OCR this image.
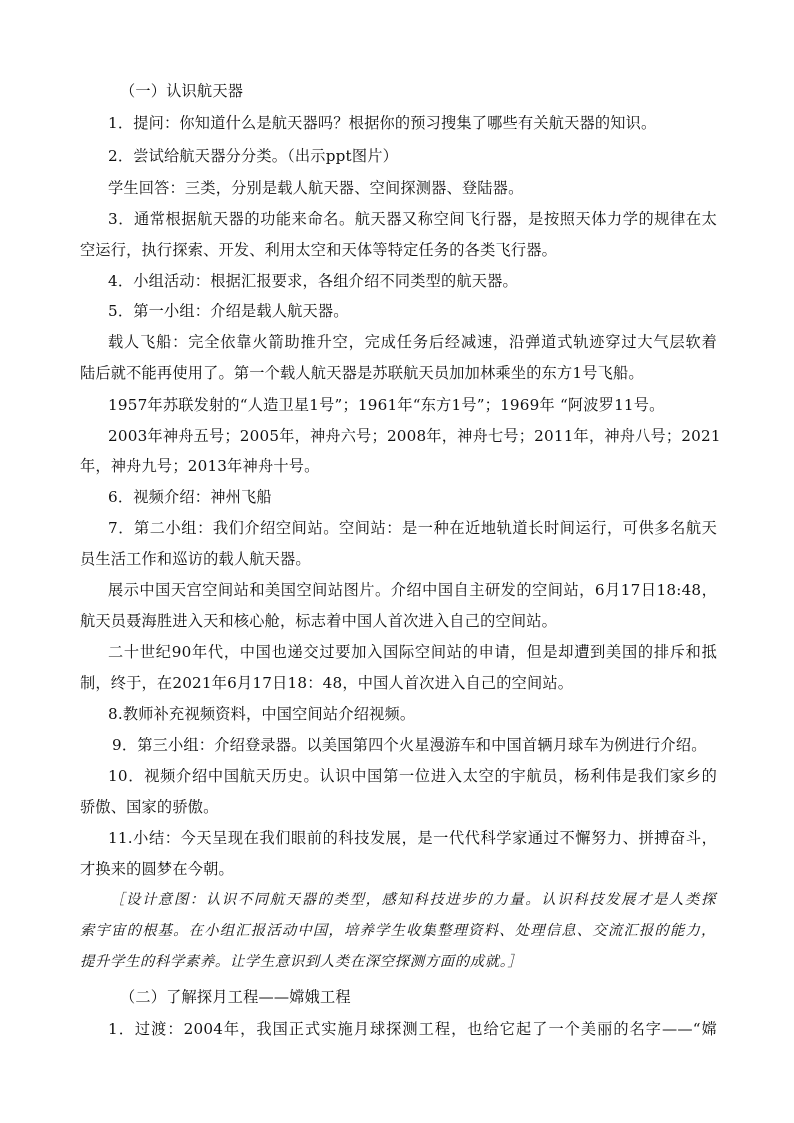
（一）认识航天器
1．提问：你知道什么是航天器吗？根据你的预习搜集了哪些有关航天器的知识。
2．尝试给航天器分分类。（出示ppt图片）
学生回答：三类，分别是载人航天器、空间探测器、登陆器。
3．通常根据航天器的功能来命名。航天器又称空间飞行器，是按照天体力学的规律在太
空运行，执行探索、开发、利用太空和天体等特定任务的各类飞行器。
4．小组活动：根据汇报要求，各组介绍不同类型的航天器。
5．第一小组：介绍是载人航天器。
载人飞船：完全依靠火箭助推升空，完成任务后经减速，沿弹道式轨迹穿过大气层软着
陆后就不能再使用了。第一个载人航天器是苏联航天员加加林乘坐的东方1号飞船。
1957年苏联发射的“人造卫星1号”；1961年“东方1号”；1969年 “阿波罗11号。
2003年神舟五号；2005年，神舟六号；2008年，神舟七号；2011年，神舟八号；2021
年，神舟九号；2013年神舟十号。
6．视频介绍：神州飞船
7．第二小组：我们介绍空间站。空间站：是一种在近地轨道长时间运行，可供多名航天
员生活工作和巡访的载人航天器。
展示中国天宫空间站和美国空间站图片。介绍中国自主研发的空间站，6月17日18:48，
航天员聂海胜进入天和核心舱，标志着中国人首次进入自己的空间站。
二十世纪90年代，中国也递交过要加入国际空间站的申请，但是却遭到美国的排斥和抵
制，终于，在2021年6月17日18：48，中国人首次进入自己的空间站。
8.教师补充视频资料，中国空间站介绍视频。
9．第三小组：介绍登录器。以美国第四个火星漫游车和中国首辆月球车为例进行介绍。
10．视频介绍中国航天历史。认识中国第一位进入太空的宇航员，杨利伟是我们家乡的
骄傲、国家的骄傲。
11.小结：今天呈现在我们眼前的科技发展，是一代代科学家通过不懈努力、拼搏奋斗，
才换来的圆梦在今朝。
［设计意图：认识不同航天器的类型，感知科技进步的力量。认识科技发展才是人类探
索宇宙的根基。在小组汇报活动中国，培养学生收集整理资料、处理信息、交流汇报的能力，
提升学生的科学素养。让学生意识到人类在深空探测方面的成就。］
（二）了解探月工程——嫦娥工程
1．过渡：2004年，我国正式实施月球探测工程，也给它起了一个美丽的名字——“嫦
